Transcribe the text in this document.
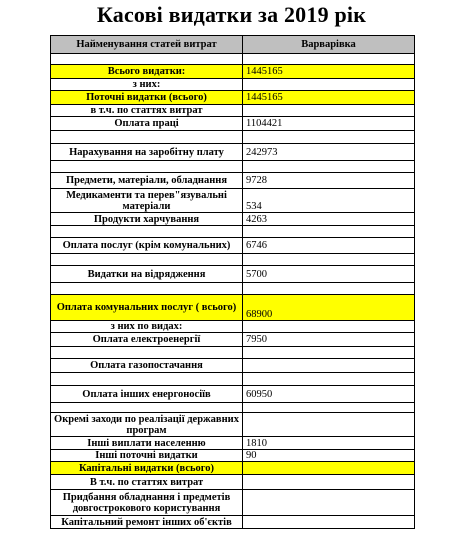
Касові видатки за 2019 рік
Найменування статей витрат	Варварівка

Всього видатки:	1445165
з них:	
Поточні видатки (всього)	1445165
в т.ч. по статтях витрат	
Оплата праці	1104421

Нарахування на заробітну плату	242973

Предмети, матеріали, обладнання	9728
Медикаменти та перев"язувальні матеріали	534
Продукти харчування	4263

Оплата послуг (крім комунальних)	6746

Видатки на відрядження	5700

Оплата комунальних послуг ( всього)	68900
з них по видах:	
Оплата електроенергії	7950

Оплата газопостачання	

Оплата інших енергоносіїв	60950

Окремі заходи по реалізації державних програм	
Інші виплати населенню	1810
Інші поточні видатки	90
Капітальні видатки (всього)	
В т.ч. по статтях витрат	
Придбання обладнання і предметів довгострокового користування	
Капітальний ремонт інших об'єктів	
